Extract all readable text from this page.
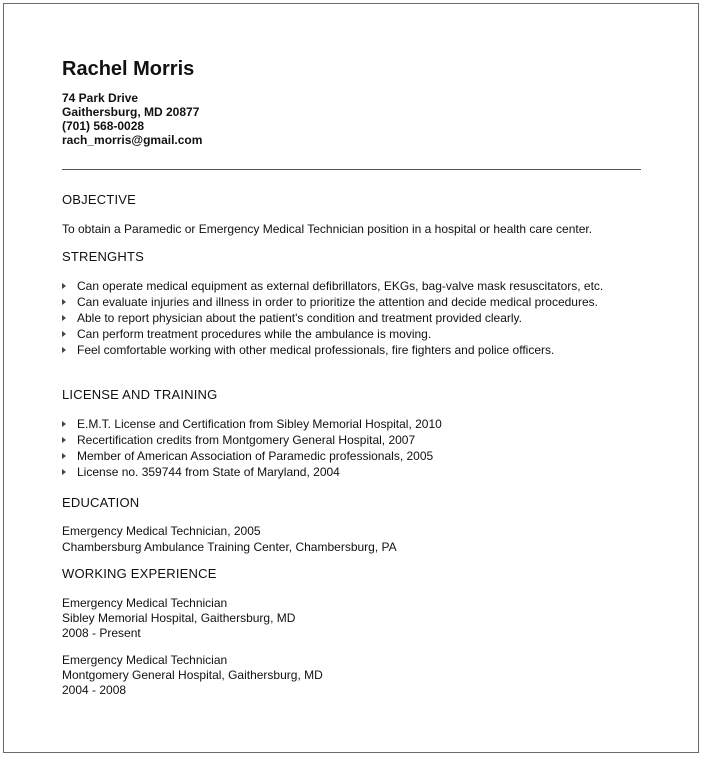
Rachel Morris
74 Park Drive
Gaithersburg, MD 20877
(701) 568-0028
rach_morris@gmail.com
OBJECTIVE
To obtain a Paramedic or Emergency Medical Technician position in a hospital or health care center.
STRENGHTS
Can operate medical equipment as external defibrillators, EKGs, bag-valve mask resuscitators, etc.
Can evaluate injuries and illness in order to prioritize the attention and decide medical procedures.
Able to report physician about the patient's condition and treatment provided clearly.
Can perform treatment procedures while the ambulance is moving.
Feel comfortable working with other medical professionals, fire fighters and police officers.
LICENSE AND TRAINING
E.M.T. License and Certification from Sibley Memorial Hospital, 2010
Recertification credits from Montgomery General Hospital, 2007
Member of American Association of Paramedic professionals, 2005
License no. 359744 from State of Maryland, 2004
EDUCATION
Emergency Medical Technician, 2005
Chambersburg Ambulance Training Center, Chambersburg, PA
WORKING EXPERIENCE
Emergency Medical Technician
Sibley Memorial Hospital, Gaithersburg, MD
2008 - Present
Emergency Medical Technician
Montgomery General Hospital, Gaithersburg, MD
2004 - 2008
